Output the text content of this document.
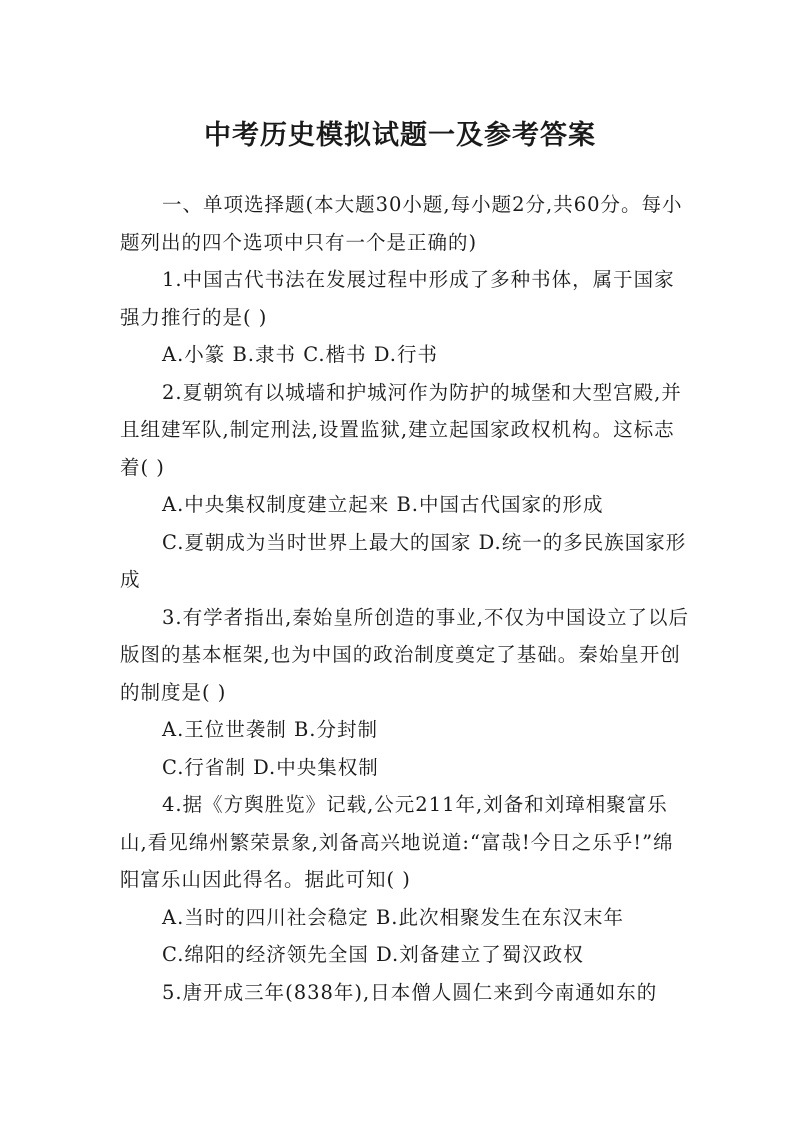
中考历史模拟试题一及参考答案

一、单项选择题(本大题30小题,每小题2分,共60分。每小题列出的四个选项中只有一个是正确的)

1.中国古代书法在发展过程中形成了多种书体，属于国家强力推行的是( )

A.小篆 B.隶书 C.楷书 D.行书

2.夏朝筑有以城墙和护城河作为防护的城堡和大型宫殿,并且组建军队,制定刑法,设置监狱,建立起国家政权机构。这标志着( )

A.中央集权制度建立起来 B.中国古代国家的形成

C.夏朝成为当时世界上最大的国家 D.统一的多民族国家形成

3.有学者指出,秦始皇所创造的事业,不仅为中国设立了以后版图的基本框架,也为中国的政治制度奠定了基础。秦始皇开创的制度是( )

A.王位世袭制 B.分封制

C.行省制 D.中央集权制

4.据《方舆胜览》记载,公元211年,刘备和刘璋相聚富乐山,看见绵州繁荣景象,刘备高兴地说道:“富哉!今日之乐乎!”绵阳富乐山因此得名。据此可知( )

A.当时的四川社会稳定 B.此次相聚发生在东汉末年

C.绵阳的经济领先全国 D.刘备建立了蜀汉政权

5.唐开成三年(838年),日本僧人圆仁来到今南通如东的
